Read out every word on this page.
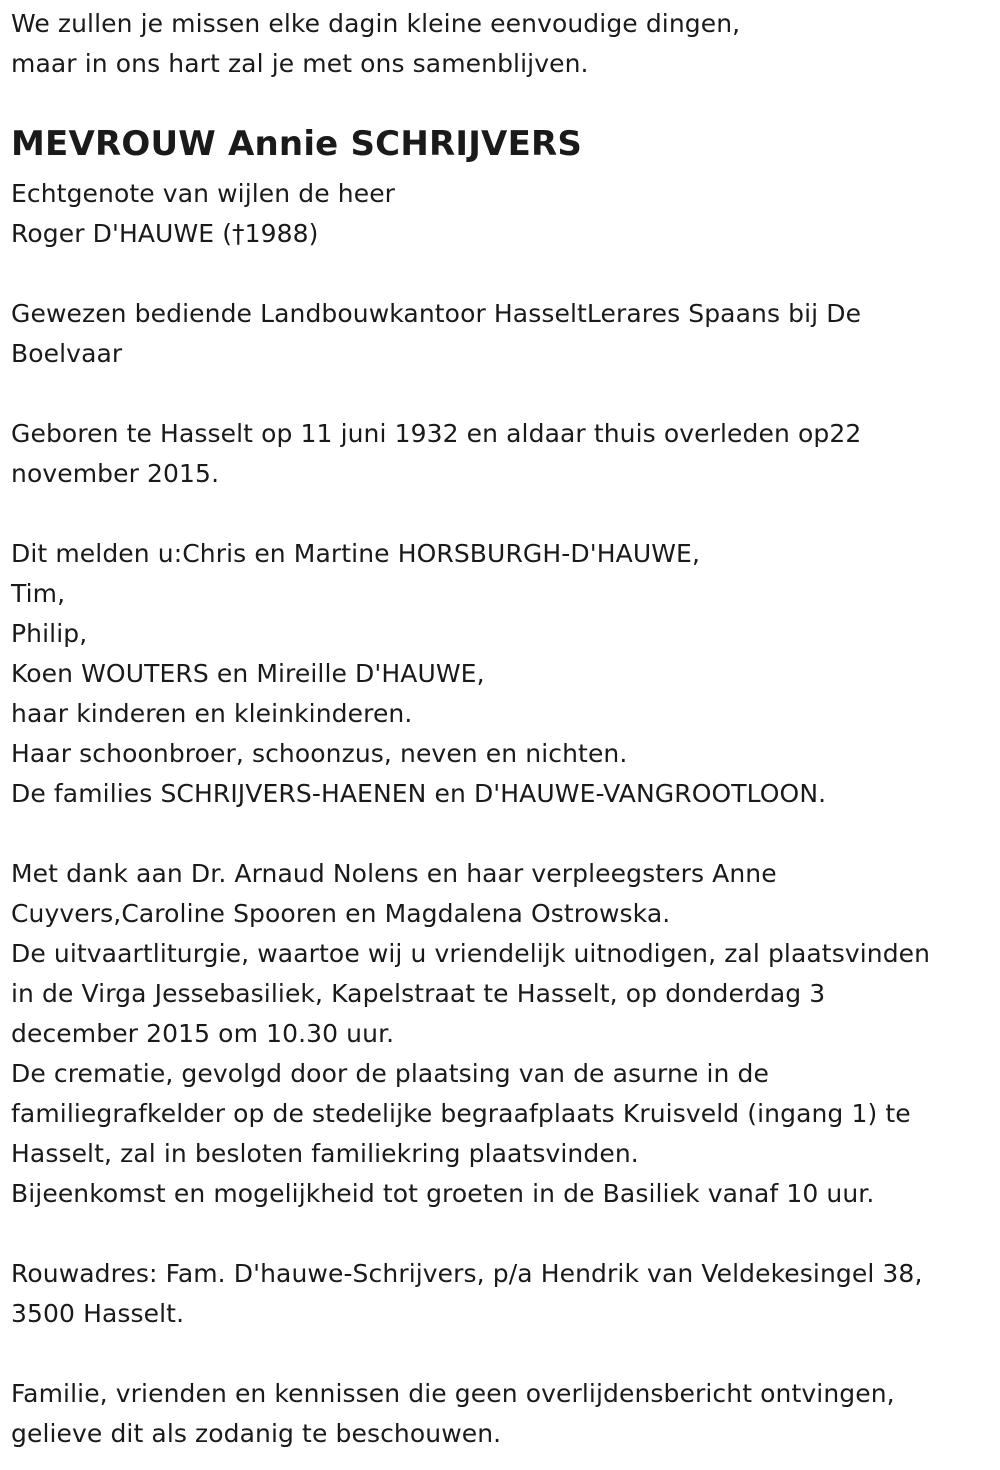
We zullen je missen elke dagin kleine eenvoudige dingen,
maar in ons hart zal je met ons samenblijven.
MEVROUW Annie SCHRIJVERS
Echtgenote van wijlen de heer
Roger D'HAUWE (†1988)
Gewezen bediende Landbouwkantoor HasseltLerares Spaans bij De
Boelvaar
Geboren te Hasselt op 11 juni 1932 en aldaar thuis overleden op22
november 2015.
Dit melden u:Chris en Martine HORSBURGH-D'HAUWE,
Tim,
Philip,
Koen WOUTERS en Mireille D'HAUWE,
haar kinderen en kleinkinderen.
Haar schoonbroer, schoonzus, neven en nichten.
De families SCHRIJVERS-HAENEN en D'HAUWE-VANGROOTLOON.
Met dank aan Dr. Arnaud Nolens en haar verpleegsters Anne
Cuyvers,Caroline Spooren en Magdalena Ostrowska.
De uitvaartliturgie, waartoe wij u vriendelijk uitnodigen, zal plaatsvinden
in de Virga Jessebasiliek, Kapelstraat te Hasselt, op donderdag 3
december 2015 om 10.30 uur.
De crematie, gevolgd door de plaatsing van de asurne in de
familiegrafkelder op de stedelijke begraafplaats Kruisveld (ingang 1) te
Hasselt, zal in besloten familiekring plaatsvinden.
Bijeenkomst en mogelijkheid tot groeten in de Basiliek vanaf 10 uur.
Rouwadres: Fam. D'hauwe-Schrijvers, p/a Hendrik van Veldekesingel 38,
3500 Hasselt.
Familie, vrienden en kennissen die geen overlijdensbericht ontvingen,
gelieve dit als zodanig te beschouwen.
